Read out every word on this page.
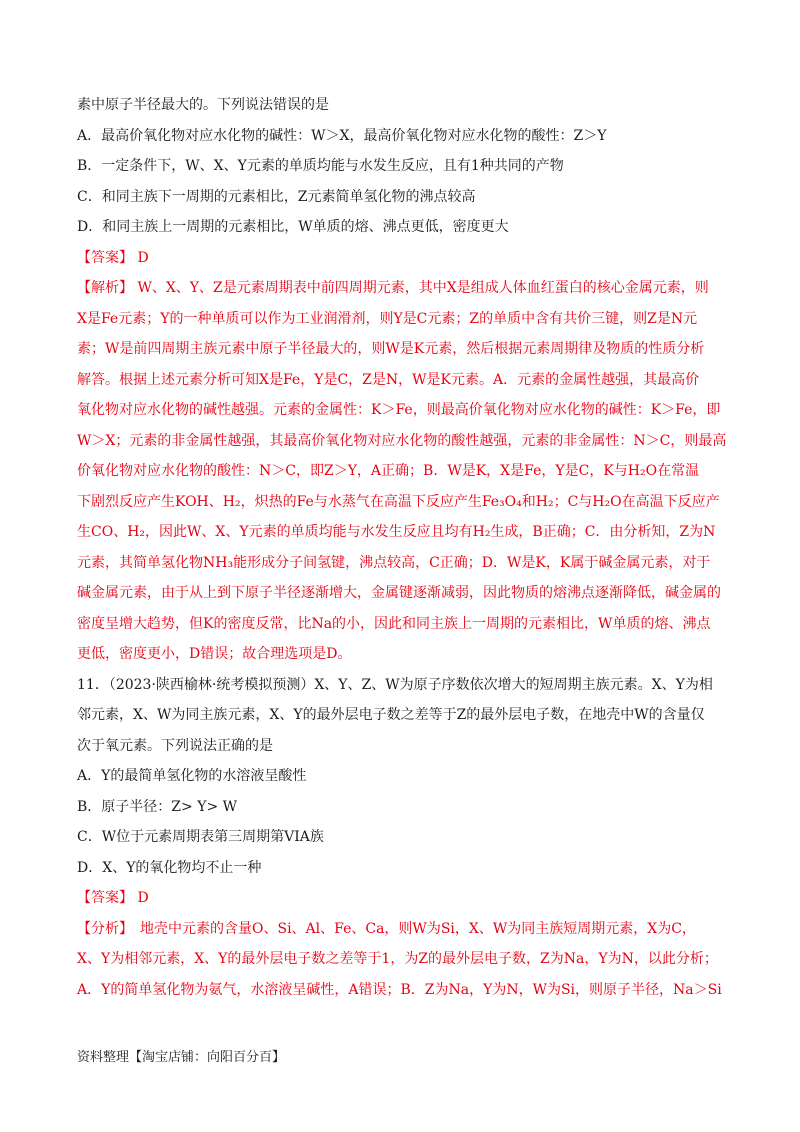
素中原子半径最大的。下列说法错误的是
A．最高价氧化物对应水化物的碱性：W＞X，最高价氧化物对应水化物的酸性：Z＞Y
B．一定条件下，W、X、Y元素的单质均能与水发生反应，且有1种共同的产物
C．和同主族下一周期的元素相比，Z元素简单氢化物的沸点较高
D．和同主族上一周期的元素相比，W单质的熔、沸点更低，密度更大
【答案】 D
【解析】 W、X、Y、Z是元素周期表中前四周期元素，其中X是组成人体血红蛋白的核心金属元素，则
X是Fe元素；Y的一种单质可以作为工业润滑剂，则Y是C元素；Z的单质中含有共价三键，则Z是N元
素；W是前四周期主族元素中原子半径最大的，则W是K元素，然后根据元素周期律及物质的性质分析
解答。根据上述元素分析可知X是Fe，Y是C，Z是N，W是K元素。A．元素的金属性越强，其最高价
氧化物对应水化物的碱性越强。元素的金属性：K＞Fe，则最高价氧化物对应水化物的碱性：K＞Fe，即
W＞X；元素的非金属性越强，其最高价氧化物对应水化物的酸性越强，元素的非金属性：N＞C，则最高
价氧化物对应水化物的酸性：N＞C，即Z＞Y，A正确；B．W是K，X是Fe，Y是C，K与H₂O在常温
下剧烈反应产生KOH、H₂，炽热的Fe与水蒸气在高温下反应产生Fe₃O₄和H₂；C与H₂O在高温下反应产
生CO、H₂，因此W、X、Y元素的单质均能与水发生反应且均有H₂生成，B正确；C．由分析知，Z为N
元素，其简单氢化物NH₃能形成分子间氢键，沸点较高，C正确；D．W是K，K属于碱金属元素，对于
碱金属元素，由于从上到下原子半径逐渐增大，金属键逐渐减弱，因此物质的熔沸点逐渐降低，碱金属的
密度呈增大趋势，但K的密度反常，比Na的小，因此和同主族上一周期的元素相比，W单质的熔、沸点
更低，密度更小，D错误；故合理选项是D。
11．（2023·陕西榆林·统考模拟预测）X、Y、Z、W为原子序数依次增大的短周期主族元素。X、Y为相
邻元素，X、W为同主族元素，X、Y的最外层电子数之差等于Z的最外层电子数，在地壳中W的含量仅
次于氧元素。下列说法正确的是
A．Y的最简单氢化物的水溶液呈酸性
B．原子半径：Z> Y> W
C．W位于元素周期表第三周期第VIA族
D．X、Y的氧化物均不止一种
【答案】 D
【分析】　地壳中元素的含量O、Si、Al、Fe、Ca，则W为Si，X、W为同主族短周期元素，X为C，
X、Y为相邻元素，X、Y的最外层电子数之差等于1，为Z的最外层电子数，Z为Na，Y为N，以此分析；
A．Y的简单氢化物为氨气，水溶液呈碱性，A错误；B．Z为Na，Y为N，W为Si，则原子半径，Na＞Si
资料整理【淘宝店铺：向阳百分百】
